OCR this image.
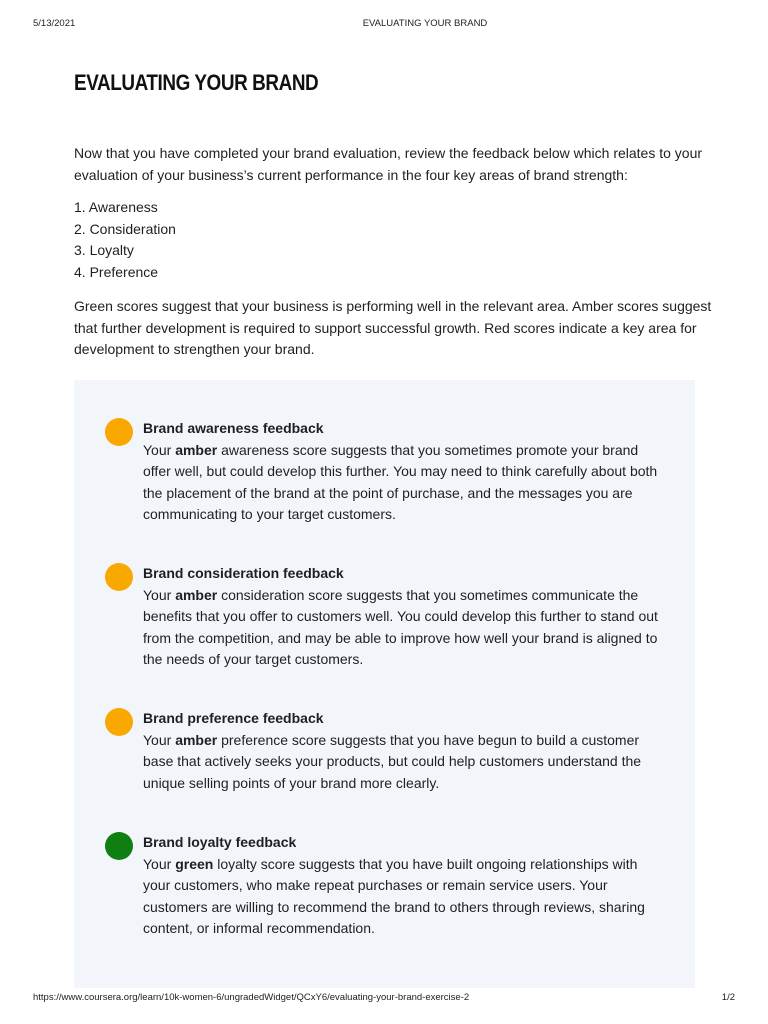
5/13/2021	EVALUATING YOUR BRAND
EVALUATING YOUR BRAND

Now that you have completed your brand evaluation, review the feedback below which relates to your evaluation of your business’s current performance in the four key areas of brand strength:

1. Awareness
2. Consideration
3. Loyalty
4. Preference

Green scores suggest that your business is performing well in the relevant area. Amber scores suggest that further development is required to support successful growth. Red scores indicate a key area for development to strengthen your brand.

Brand awareness feedback
Your amber awareness score suggests that you sometimes promote your brand offer well, but could develop this further. You may need to think carefully about both the placement of the brand at the point of purchase, and the messages you are communicating to your target customers.
Brand consideration feedback
Your amber consideration score suggests that you sometimes communicate the benefits that you offer to customers well. You could develop this further to stand out from the competition, and may be able to improve how well your brand is aligned to the needs of your target customers.
Brand preference feedback
Your amber preference score suggests that you have begun to build a customer base that actively seeks your products, but could help customers understand the unique selling points of your brand more clearly.
Brand loyalty feedback
Your green loyalty score suggests that you have built ongoing relationships with your customers, who make repeat purchases or remain service users. Your customers are willing to recommend the brand to others through reviews, sharing content, or informal recommendation.
https://www.coursera.org/learn/10k-women-6/ungradedWidget/QCxY6/evaluating-your-brand-exercise-2	1/2
